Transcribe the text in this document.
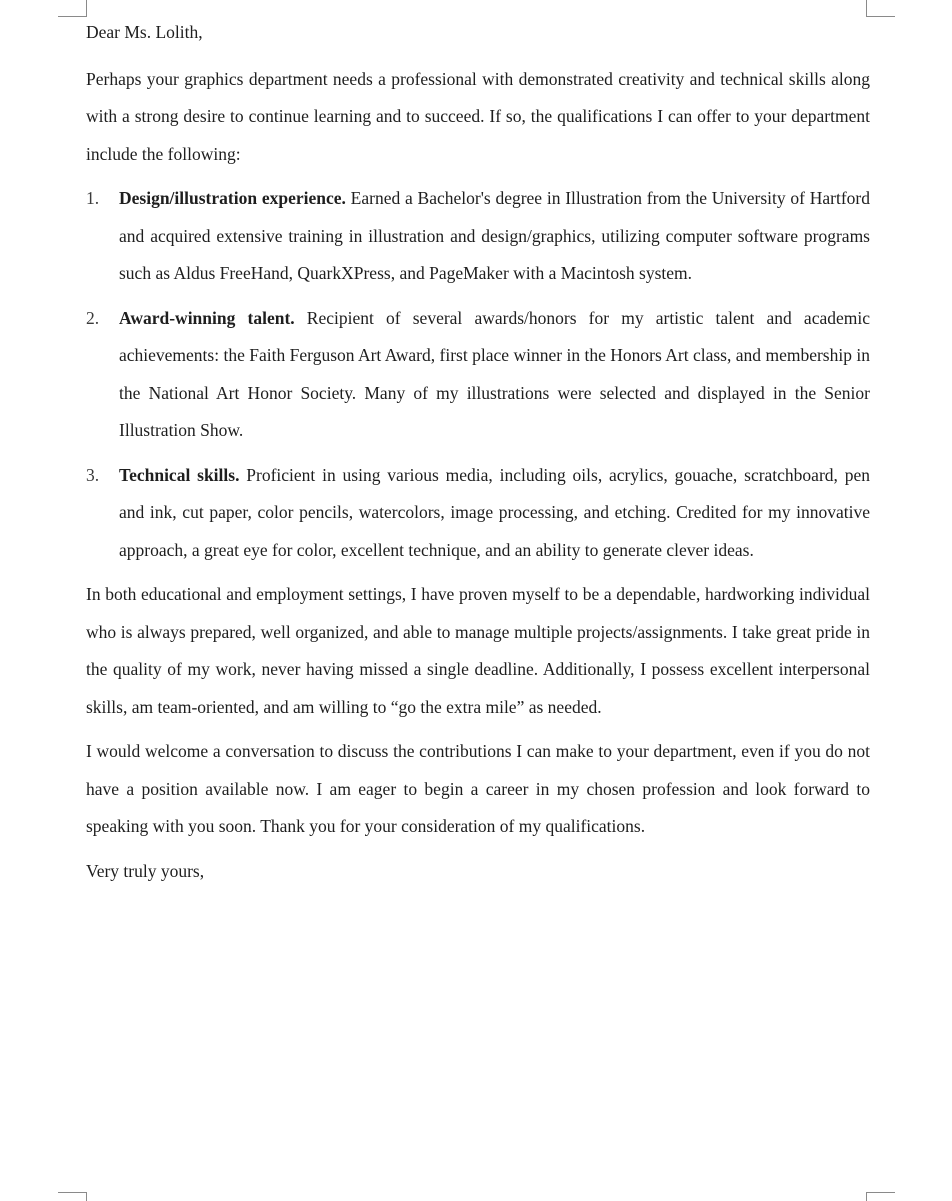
Dear Ms. Lolith,

Perhaps your graphics department needs a professional with demonstrated creativity and technical skills along with a strong desire to continue learning and to succeed. If so, the qualifications I can offer to your department include the following:

1. Design/illustration experience. Earned a Bachelor's degree in Illustration from the University of Hartford and acquired extensive training in illustration and design/graphics, utilizing computer software programs such as Aldus FreeHand, QuarkXPress, and PageMaker with a Macintosh system.
2. Award-winning talent. Recipient of several awards/honors for my artistic talent and academic achievements: the Faith Ferguson Art Award, first place winner in the Honors Art class, and membership in the National Art Honor Society. Many of my illustrations were selected and displayed in the Senior Illustration Show.
3. Technical skills. Proficient in using various media, including oils, acrylics, gouache, scratchboard, pen and ink, cut paper, color pencils, watercolors, image processing, and etching. Credited for my innovative approach, a great eye for color, excellent technique, and an ability to generate clever ideas.

In both educational and employment settings, I have proven myself to be a dependable, hardworking individual who is always prepared, well organized, and able to manage multiple projects/assignments. I take great pride in the quality of my work, never having missed a single deadline. Additionally, I possess excellent interpersonal skills, am team-oriented, and am willing to “go the extra mile” as needed.

I would welcome a conversation to discuss the contributions I can make to your department, even if you do not have a position available now. I am eager to begin a career in my chosen profession and look forward to speaking with you soon. Thank you for your consideration of my qualifications.

Very truly yours,
